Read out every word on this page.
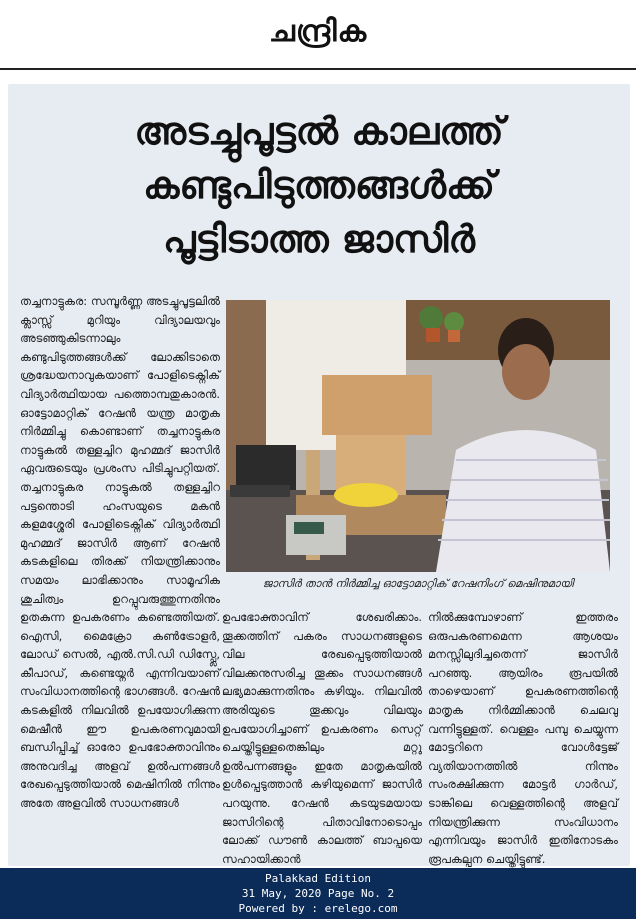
ചന്ദ്രിക
അടച്ചുപൂട്ടൽ കാലത്ത്
കണ്ടുപിടുത്തങ്ങൾക്ക്
പൂട്ടിടാത്ത ജാസിർ
തച്ചനാട്ടുകര: സമ്പൂർണ്ണ അടച്ചുപൂട്ടലിൽ ക്ലാസ്സ് മുറിയും വിദ്യാലയവും അടഞ്ഞുകിടന്നാലും കണ്ടുപിടുത്തങ്ങൾക്ക് ലോക്കിടാതെ ശ്രദ്ധേയനാവുകയാണ് പോളിടെക്നിക് വിദ്യാർത്ഥിയായ പത്തൊമ്പതുകാരൻ. ഓട്ടോമാറ്റിക് റേഷൻ യന്ത്ര മാതൃക നിർമ്മിച്ചു കൊണ്ടാണ് തച്ചനാട്ടുകര നാട്ടുകൽ തള്ളച്ചിറ മുഹമ്മദ് ജാസിർ ഏവരുടെയും പ്രശംസ പിടിച്ചുപറ്റിയത്. തച്ചനാട്ടുകര നാട്ടുകൽ തള്ളച്ചിറ പട്ടന്തൊടി ഹംസയുടെ മകൻ കളമശ്ശേരി പോളിടെക്നിക് വിദ്യാർത്ഥി മുഹമ്മദ് ജാസിർ ആണ് റേഷൻ കടകളിലെ തിരക്ക് നിയന്ത്രിക്കാനും സമയം ലാഭിക്കാനും സാമൂഹിക ശുചിത്വം ഉറപ്പുവരുത്തുന്നതിനും ഉതകുന്ന ഉപകരണം കണ്ടെത്തിയത്. ഐസി, മൈക്രോ കൺട്രോളർ, ലോഡ് സെൽ, എൽ.സി.ഡി ഡിസ്പ്ലേ, കീപാഡ്, കണ്ടെയ്നർ എന്നിവയാണ് സംവിധാനത്തിന്റെ ഭാഗങ്ങൾ. റേഷൻ കടകളിൽ നിലവിൽ ഉപയോഗിക്കുന്ന മെഷീൻ ഈ ഉപകരണവുമായി ബന്ധിപ്പിച്ച് ഓരോ ഉപഭോക്താവിനും അനുവദിച്ച അളവ് ഉൽപന്നങ്ങൾ രേഖപ്പെടുത്തിയാൽ മെഷിനിൽ നിന്നും അതേ അളവിൽ സാധനങ്ങൾ
ജാസിർ താൻ നിർമ്മിച്ച ഓട്ടോമാറ്റിക് റേഷനിംഗ് മെഷിനുമായി
ഉപഭോക്താവിന് ശേഖരിക്കാം. തൂക്കത്തിന് പകരം സാധനങ്ങളുടെ വില രേഖപ്പെടുത്തിയാൽ വിലക്കനുസരിച്ച തൂക്കം സാധനങ്ങൾ ലഭ്യമാക്കുന്നതിനും കഴിയും. നിലവിൽ അരിയുടെ തൂക്കവും വിലയും ഉപയോഗിച്ചാണ് ഉപകരണം സെറ്റ് ചെയ്തിട്ടുള്ളതെങ്കിലും മറ്റു ഉൽപന്നങ്ങളും ഇതേ മാതൃകയിൽ ഉൾപ്പെടുത്താൻ കഴിയുമെന്ന് ജാസിർ പറയുന്നു. റേഷൻ കടയുടമയായ ജാസിറിന്റെ പിതാവിനോടൊപ്പം ലോക്ക് ഡൗൺ കാലത്ത് ബാപ്പയെ സഹായിക്കാൻ
നിൽക്കുമ്പോഴാണ് ഇത്തരം ഒരുപകരണമെന്ന ആശയം മനസ്സിലുദിച്ചതെന്ന് ജാസിർ പറഞ്ഞു. ആയിരം രൂപയിൽ താഴെയാണ് ഉപകരണത്തിന്റെ മാതൃക നിർമ്മിക്കാൻ ചെലവു വന്നിട്ടുള്ളത്. വെള്ളം പമ്പു ചെയ്യുന്ന മോട്ടറിനെ വോൾട്ടേജ് വ്യതിയാനത്തിൽ നിന്നും സംരക്ഷിക്കുന്ന മോട്ടർ ഗാർഡ്, ടാങ്കിലെ വെള്ളത്തിന്റെ അളവ് നിയന്ത്രിക്കുന്ന സംവിധാനം എന്നിവയും ജാസിർ ഇതിനോടകം രൂപകല്പന ചെയ്തിട്ടുണ്ട്.
Palakkad Edition
31 May, 2020 Page No. 2
Powered by : erelego.com
